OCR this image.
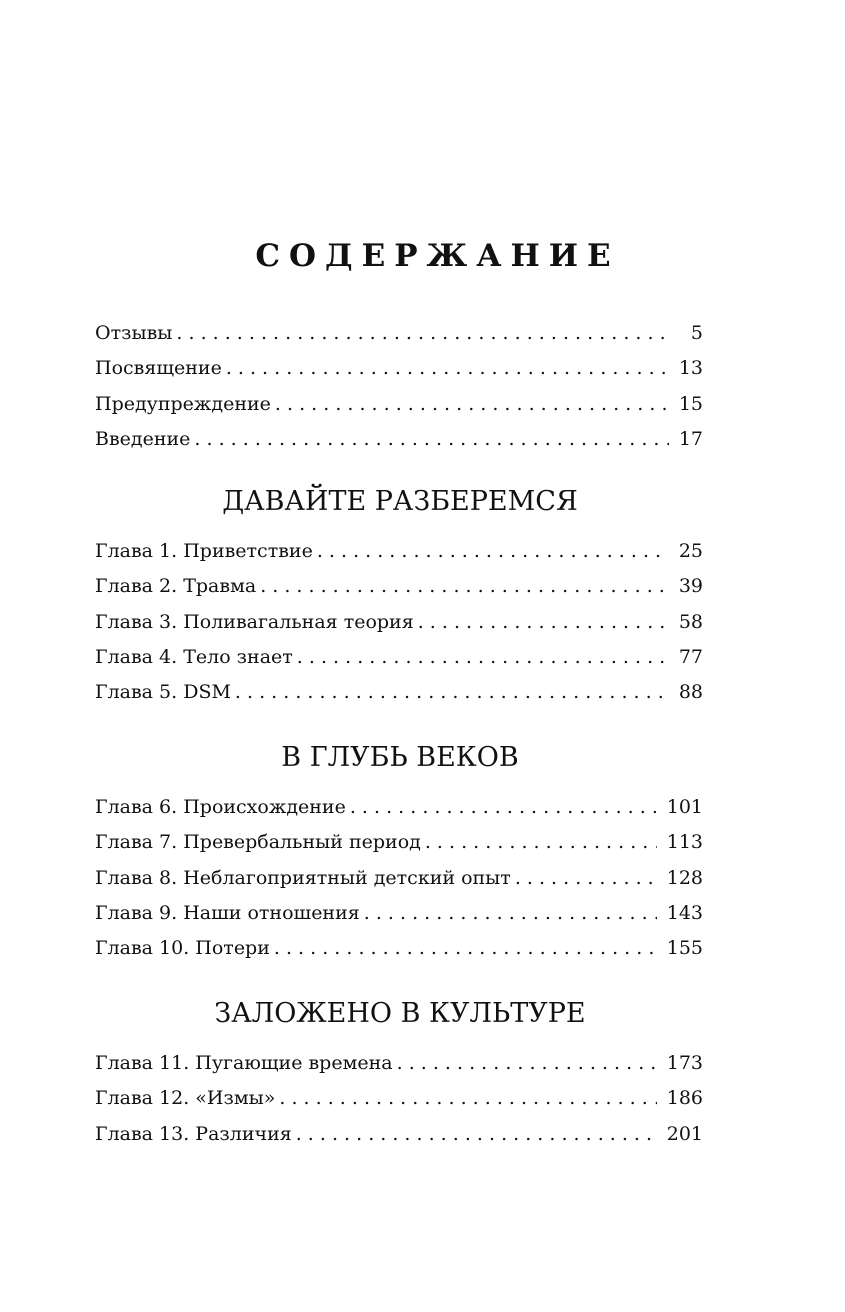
СОДЕРЖАНИЕ
Отзывы . . .	5
Посвящение . . .	13
Предупреждение . . .	15
Введение . . .	17
ДАВАЙТЕ РАЗБЕРЕМСЯ
Глава 1. Приветствие . . .	25
Глава 2. Травма . . .	39
Глава 3. Поливагальная теория . . .	58
Глава 4. Тело знает . . .	77
Глава 5. DSM . . .	88
В ГЛУБЬ ВЕКОВ
Глава 6. Происхождение . . .	101
Глава 7. Превербальный период . . .	113
Глава 8. Неблагоприятный детский опыт . . .	128
Глава 9. Наши отношения . . .	143
Глава 10. Потери . . .	155
ЗАЛОЖЕНО В КУЛЬТУРЕ
Глава 11. Пугающие времена . . .	173
Глава 12. «Измы» . . .	186
Глава 13. Различия . . .	201
